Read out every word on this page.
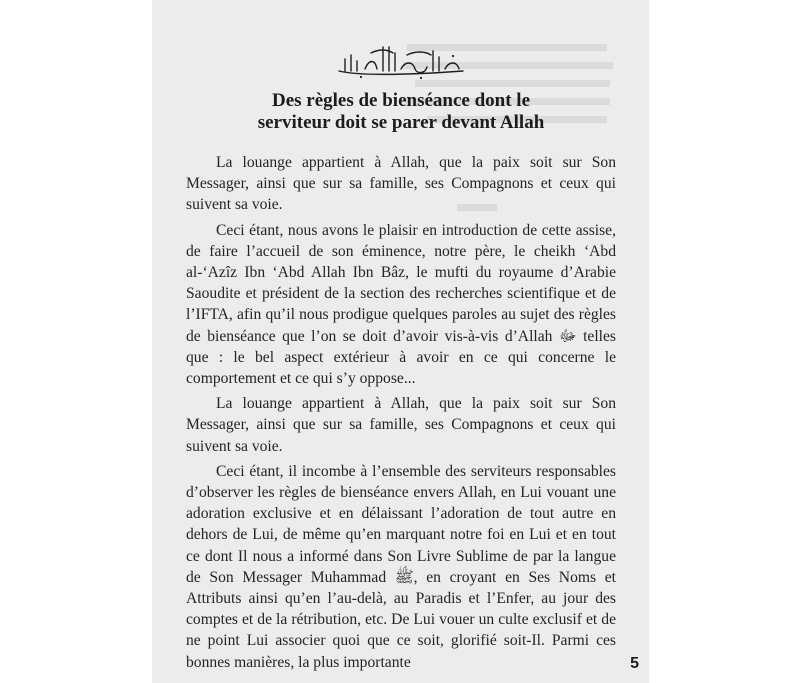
Des règles de bienséance dont le
serviteur doit se parer devant Allah

La louange appartient à Allah, que la paix soit sur Son Messager, ainsi que sur sa famille, ses Compagnons et ceux qui suivent sa voie.

Ceci étant, nous avons le plaisir en introduction de cette assise, de faire l’accueil de son éminence, notre père, le cheikh ‘Abd al-‘Azîz Ibn ‘Abd Allah Ibn Bâz, le mufti du royaume d’Arabie Saoudite et président de la section des recherches scientifique et de l’IFTA, afin qu’il nous prodigue quelques paroles au sujet des règles de bienséance que l’on se doit d’avoir vis-à-vis d’Allah ﷻ telles que : le bel aspect extérieur à avoir en ce qui concerne le comportement et ce qui s’y oppose...

La louange appartient à Allah, que la paix soit sur Son Messager, ainsi que sur sa famille, ses Compagnons et ceux qui suivent sa voie.

Ceci étant, il incombe à l’ensemble des serviteurs responsables d’observer les règles de bienséance envers Allah, en Lui vouant une adoration exclusive et en délaissant l’adoration de tout autre en dehors de Lui, de même qu’en marquant notre foi en Lui et en tout ce dont Il nous a informé dans Son Livre Sublime de par la langue de Son Messager Muhammad ﷺ, en croyant en Ses Noms et Attributs ainsi qu’en l’au-delà, au Paradis et l’Enfer, au jour des comptes et de la rétribution, etc. De Lui vouer un culte exclusif et de ne point Lui associer quoi que ce soit, glorifié soit-Il. Parmi ces bonnes manières, la plus importante	5
